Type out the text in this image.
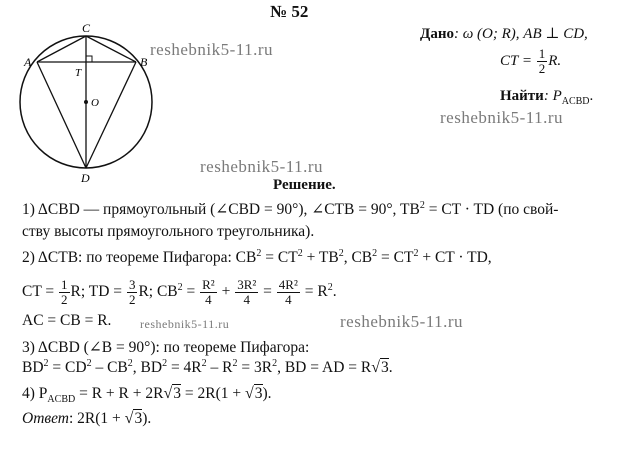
A	B
C
D
T
O
№ 52
Дано: ω (O; R), AB ⊥ CD,
CT = $\frac{1}{2} R$.
Найти: $P_{ACBD}$.
reshebnik5-11.ru
reshebnik5-11.ru
reshebnik5-11.ru
reshebnik5-11.ru	reshebnik5-11.ru
Решение.
1) ΔCBD — прямоугольный (∠CBD = 90°), ∠CTB = 90°, $TB^2$ = CT · TD (по свой-
ству высоты прямоугольного треугольника).
2) ΔCTB: по теореме Пифагора: $CB^2 = CT^2 + TB^2$, $CB^2 = CT^2$ + CT · TD,
CT = $\frac{1}{2} R$; TD = $\frac{3}{2} R$; $CB^2 = \frac{\text{R²}}{4} + \frac{\text{3R²}}{4} = \frac{\text{4R²}}{4} = R^2$.
AC = CB = R.
3) ΔCBD (∠B = 90°): по теореме Пифагора:
$BD^2 = CD^2 - CB^2$, $BD^2 = 4R^2 - R^2 = 3R^2$, BD = AD = R√3.
4) $P_{ACBD} = R + R + 2R√3 = 2R(1 + √3)$.
Ответ: 2R(1 + √3).
